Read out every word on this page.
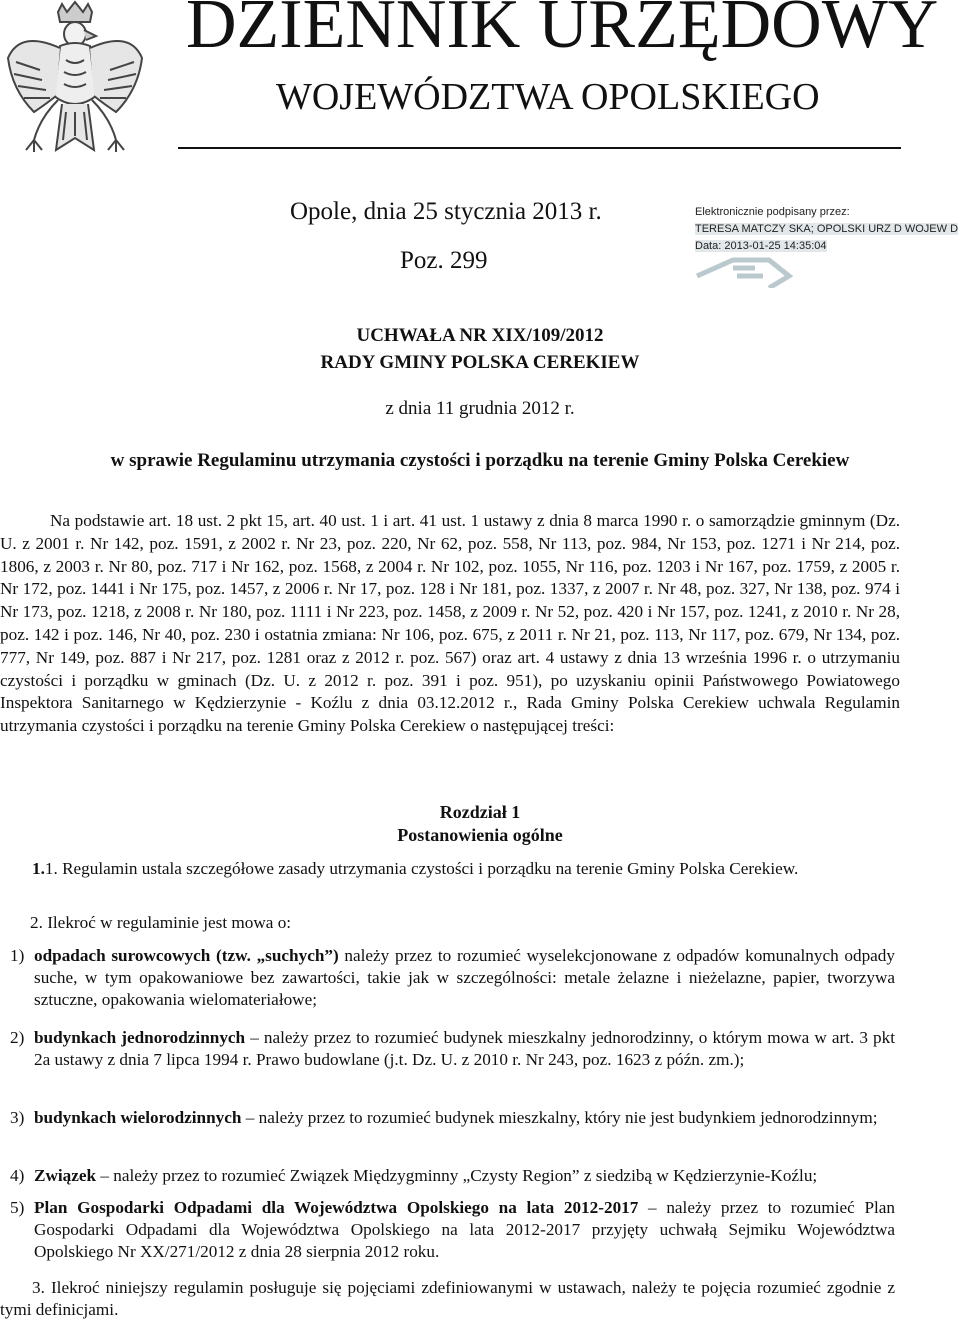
DZIENNIK URZĘDOWY
WOJEWÓDZTWA OPOLSKIEGO
Opole, dnia 25 stycznia 2013 r.
Poz. 299
Elektronicznie podpisany przez:
TERESA MATCZY SKA; OPOLSKI URZ D WOJEW D
Data: 2013-01-25 14:35:04
UCHWAŁA NR XIX/109/2012
RADY GMINY POLSKA CEREKIEW
z dnia 11 grudnia 2012 r.
w sprawie Regulaminu utrzymania czystości i porządku na terenie Gminy Polska Cerekiew
Na podstawie art. 18 ust. 2 pkt 15, art. 40 ust. 1 i art. 41 ust. 1 ustawy z dnia 8 marca 1990 r. o samorządzie gminnym (Dz. U. z 2001 r. Nr 142, poz. 1591, z 2002 r. Nr 23, poz. 220, Nr 62, poz. 558, Nr 113, poz. 984, Nr 153, poz. 1271 i Nr 214, poz. 1806, z 2003 r. Nr 80, poz. 717 i Nr 162, poz. 1568, z 2004 r. Nr 102, poz. 1055, Nr 116, poz. 1203 i Nr 167, poz. 1759, z 2005 r. Nr 172, poz. 1441 i Nr 175, poz. 1457, z 2006 r. Nr 17, poz. 128 i Nr 181, poz. 1337, z 2007 r. Nr 48, poz. 327, Nr 138, poz. 974 i Nr 173, poz. 1218, z 2008 r. Nr 180, poz. 1111 i Nr 223, poz. 1458, z 2009 r. Nr 52, poz. 420 i Nr 157, poz. 1241, z 2010 r. Nr 28, poz. 142 i poz. 146, Nr 40, poz. 230 i ostatnia zmiana: Nr 106, poz. 675, z 2011 r. Nr 21, poz. 113, Nr 117, poz. 679, Nr 134, poz. 777, Nr 149, poz. 887 i Nr 217, poz. 1281 oraz z 2012 r. poz. 567) oraz art. 4 ustawy z dnia 13 września 1996 r. o utrzymaniu czystości i porządku w gminach (Dz. U. z 2012 r. poz. 391 i poz. 951), po uzyskaniu opinii Państwowego Powiatowego Inspektora Sanitarnego w Kędzierzynie - Koźlu z dnia 03.12.2012 r., Rada Gminy Polska Cerekiew uchwala Regulamin utrzymania czystości i porządku na terenie Gminy Polska Cerekiew o następującej treści:
Rozdział 1
Postanowienia ogólne
1.1. Regulamin ustala szczegółowe zasady utrzymania czystości i porządku na terenie Gminy Polska Cerekiew.
2. Ilekroć w regulaminie jest mowa o:
1) odpadach surowcowych (tzw. „suchych”) należy przez to rozumieć wyselekcjonowane z odpadów komunalnych odpady suche, w tym opakowaniowe bez zawartości, takie jak w szczególności: metale żelazne i nieżelazne, papier, tworzywa sztuczne, opakowania wielomateriałowe;
2) budynkach jednorodzinnych – należy przez to rozumieć budynek mieszkalny jednorodzinny, o którym mowa w art. 3 pkt 2a ustawy z dnia 7 lipca 1994 r. Prawo budowlane (j.t. Dz. U. z 2010 r. Nr 243, poz. 1623 z późn. zm.);
3) budynkach wielorodzinnych – należy przez to rozumieć budynek mieszkalny, który nie jest budynkiem jednorodzinnym;
4) Związek – należy przez to rozumieć Związek Międzygminny „Czysty Region” z siedzibą w Kędzierzynie-Koźlu;
5) Plan Gospodarki Odpadami dla Województwa Opolskiego na lata 2012-2017 – należy przez to rozumieć Plan Gospodarki Odpadami dla Województwa Opolskiego na lata 2012-2017 przyjęty uchwałą Sejmiku Województwa Opolskiego Nr XX/271/2012 z dnia 28 sierpnia 2012 roku.
3. Ilekroć niniejszy regulamin posługuje się pojęciami zdefiniowanymi w ustawach, należy te pojęcia rozumieć zgodnie z tymi definicjami.
